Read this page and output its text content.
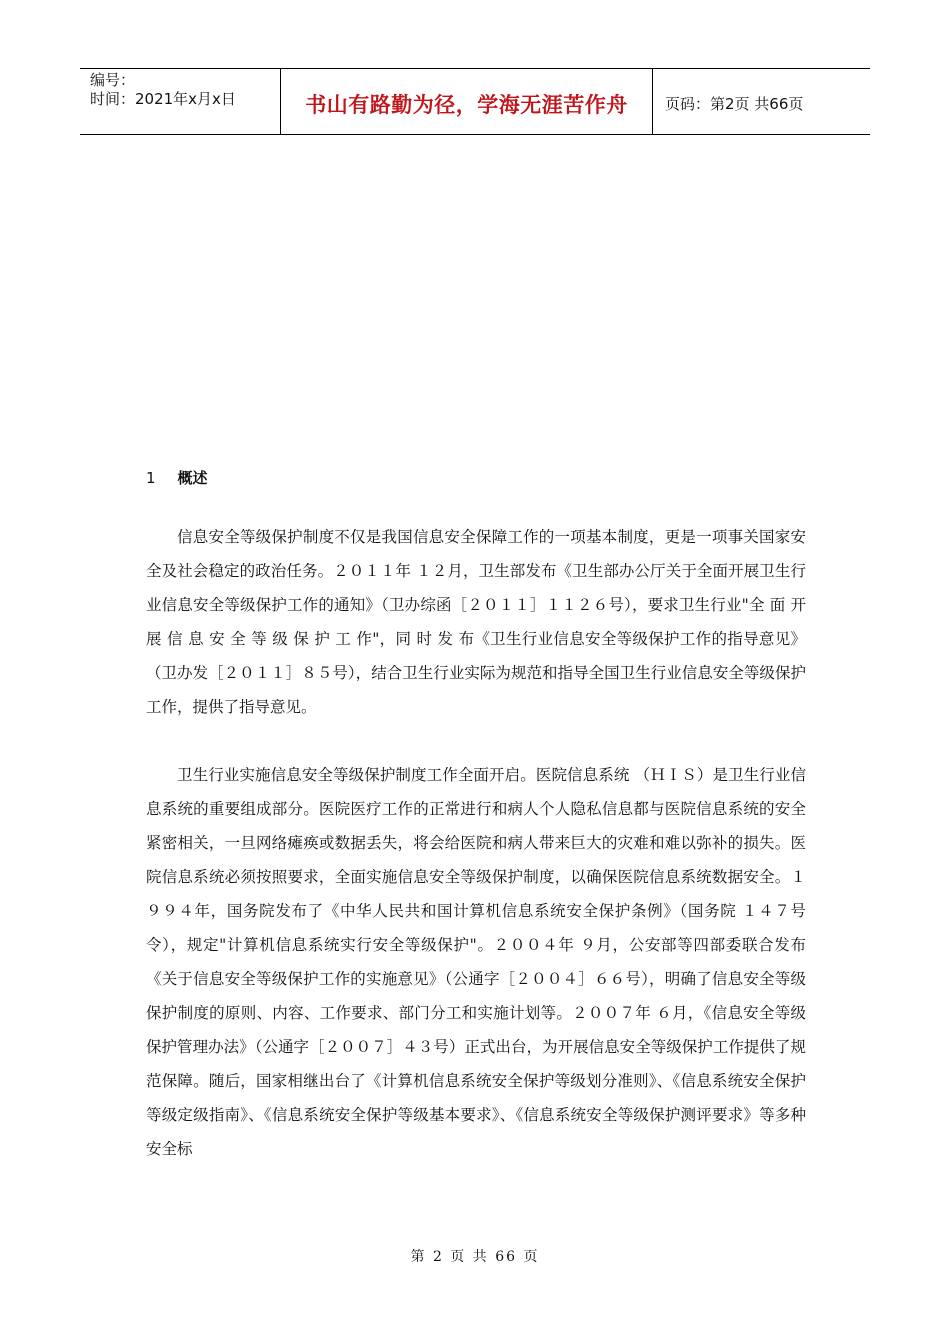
编号：
时间：2021年x月x日	书山有路勤为径，学海无涯苦作舟 页码：第2页 共66页
1 概述

信息安全等级保护制度不仅是我国信息安全保障工作的一项基本制度，更是一项事关国家安全及社会稳定的政治任务。２０１１年 １２月，卫生部发布《卫生部办公厅关于全面开展卫生行业信息安全等级保护工作的通知》（卫办综函［２０１１］１１２６号），要求卫生行业"全 面 开 展 信 息 安 全 等 级 保 护 工 作"，同 时 发 布《卫生行业信息安全等级保护工作的指导意见》（卫办发［２０１１］８５号），结合卫生行业实际为规范和指导全国卫生行业信息安全等级保护工作，提供了指导意见。

卫生行业实施信息安全等级保护制度工作全面开启。医院信息系统 （ＨＩＳ）是卫生行业信息系统的重要组成部分。医院医疗工作的正常进行和病人个人隐私信息都与医院信息系统的安全紧密相关，一旦网络瘫痪或数据丢失，将会给医院和病人带来巨大的灾难和难以弥补的损失。医院信息系统必须按照要求，全面实施信息安全等级保护制度，以确保医院信息系统数据安全。１９９４年，国务院发布了《中华人民共和国计算机信息系统安全保护条例》（国务院 １４７号令），规定"计算机信息系统实行安全等级保护"。２００４年 ９月，公安部等四部委联合发布《关于信息安全等级保护工作的实施意见》（公通字［２００４］６６号），明确了信息安全等级保护制度的原则、内容、工作要求、部门分工和实施计划等。２００７年 ６月，《信息安全等级保护管理办法》（公通字［２００７］４３号）正式出台，为开展信息安全等级保护工作提供了规范保障。随后，国家相继出台了《计算机信息系统安全保护等级划分准则》、《信息系统安全保护等级定级指南》、《信息系统安全保护等级基本要求》、《信息系统安全等级保护测评要求》等多种安全标

第 2 页 共 66 页
